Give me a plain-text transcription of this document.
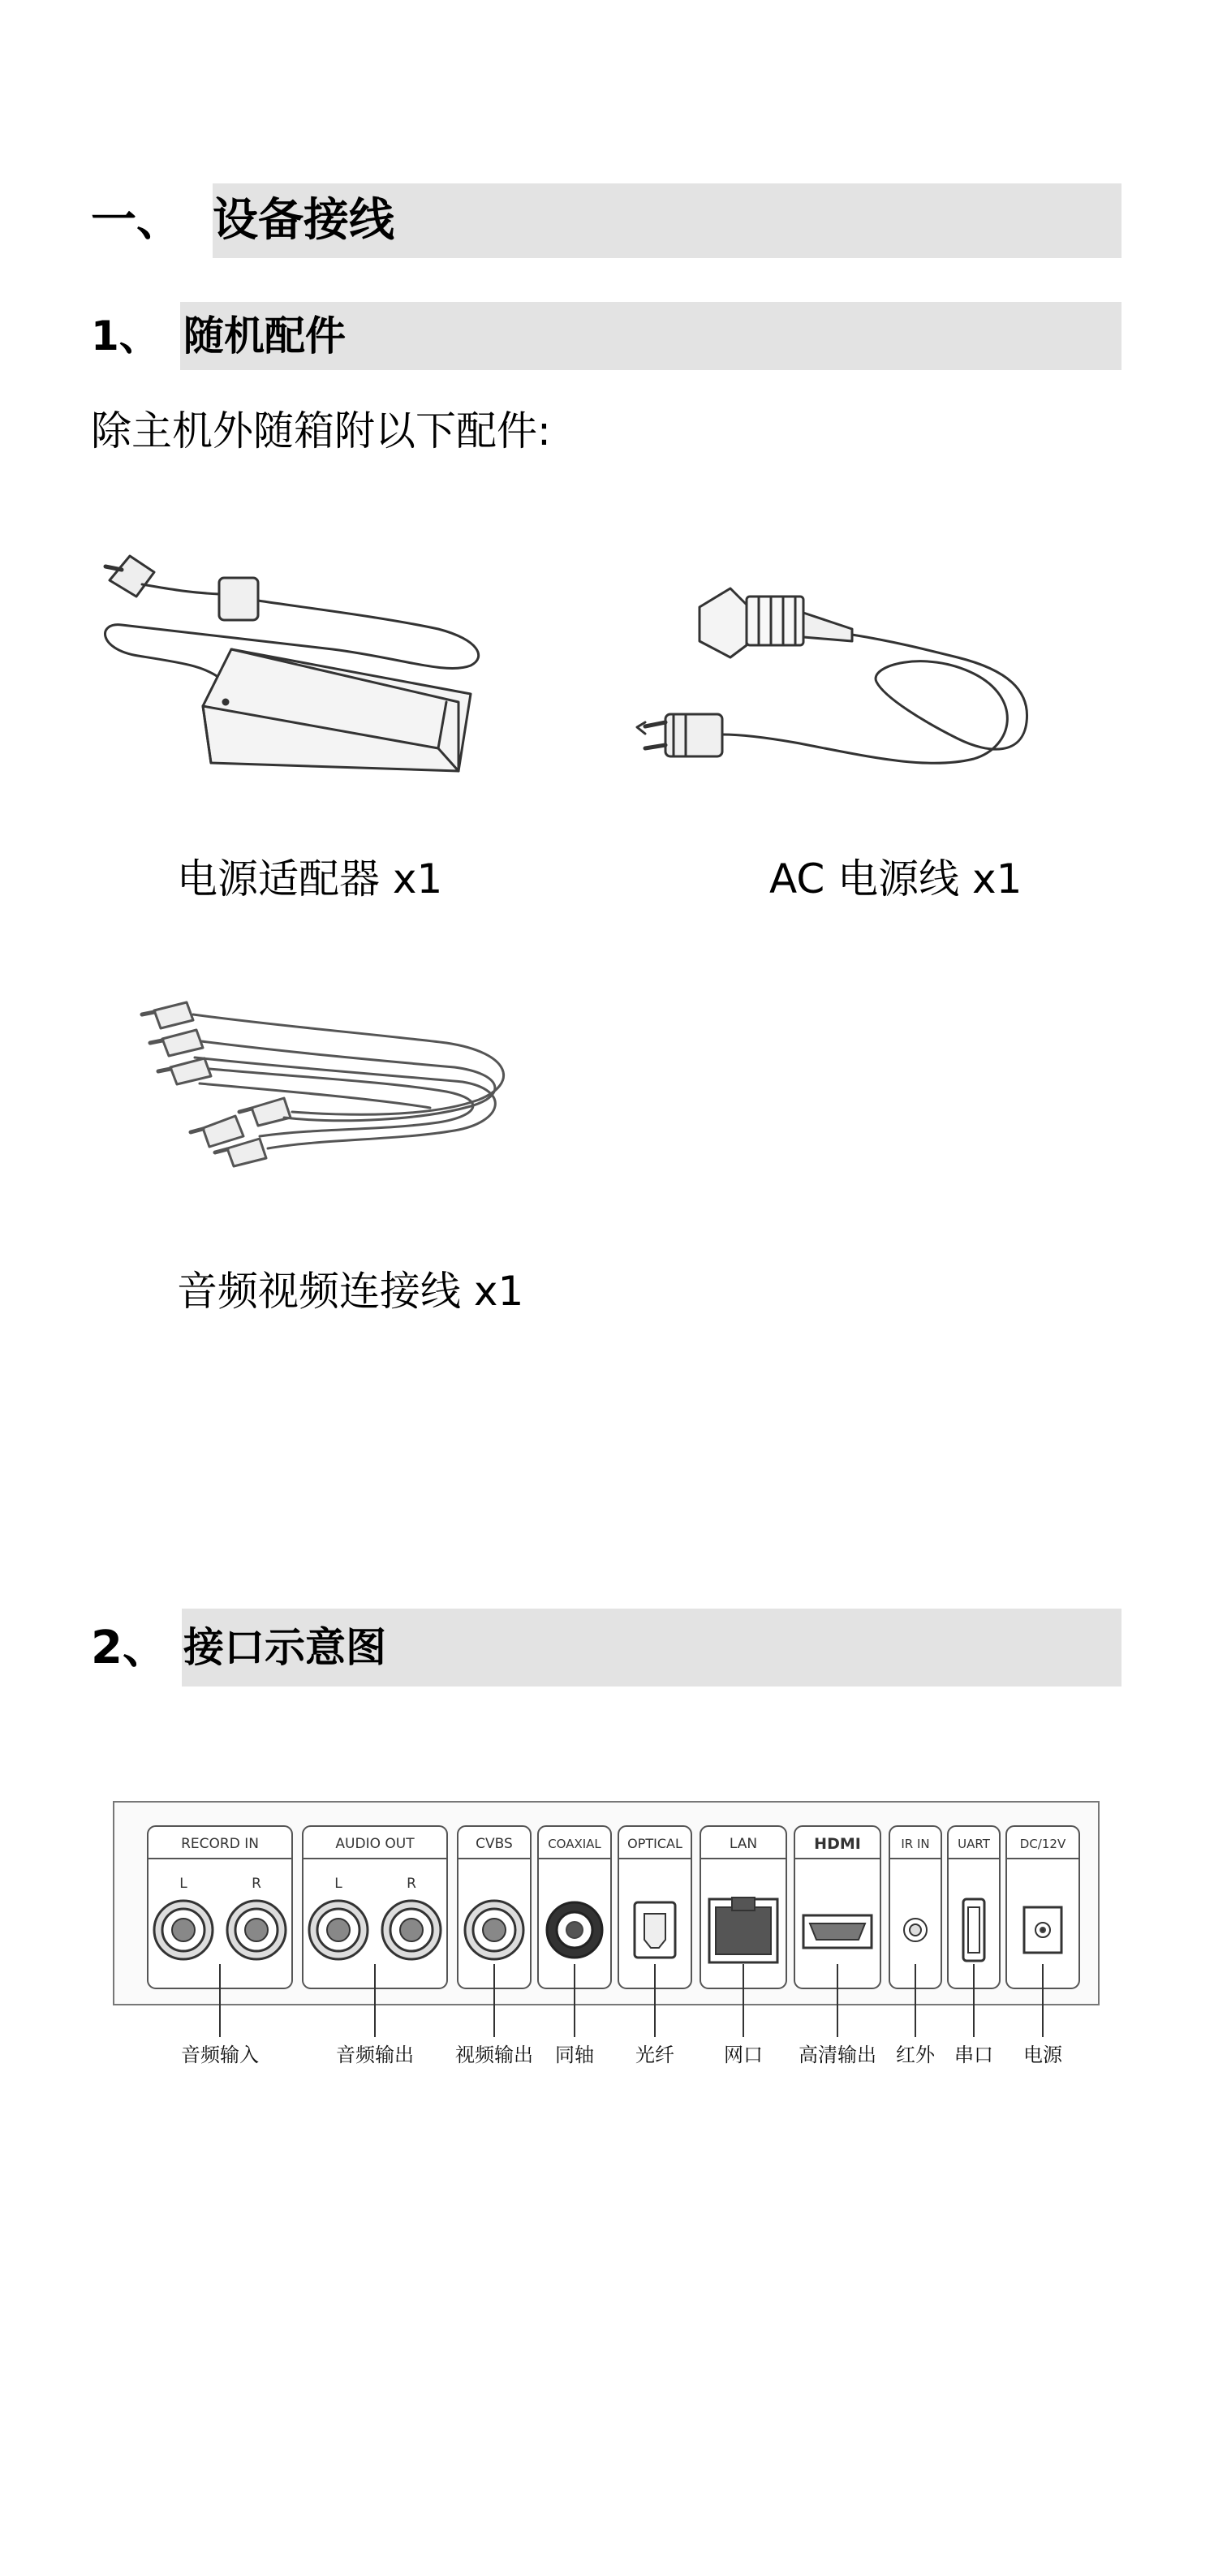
一、 设备接线
1、 随机配件
除主机外随箱附以下配件:
电源适配器 x1	AC 电源线 x1
音频视频连接线 x1
2、 接口示意图
RECORD IN	AUDIO OUT	CVBS	COAXIAL OPTICAL	LAN	HDMI	IR IN UART DC/12V
L	R	L	R
音频输入	音频输出 视频输出 同轴 光纤	网口 高清输出 红外 串口 电源
